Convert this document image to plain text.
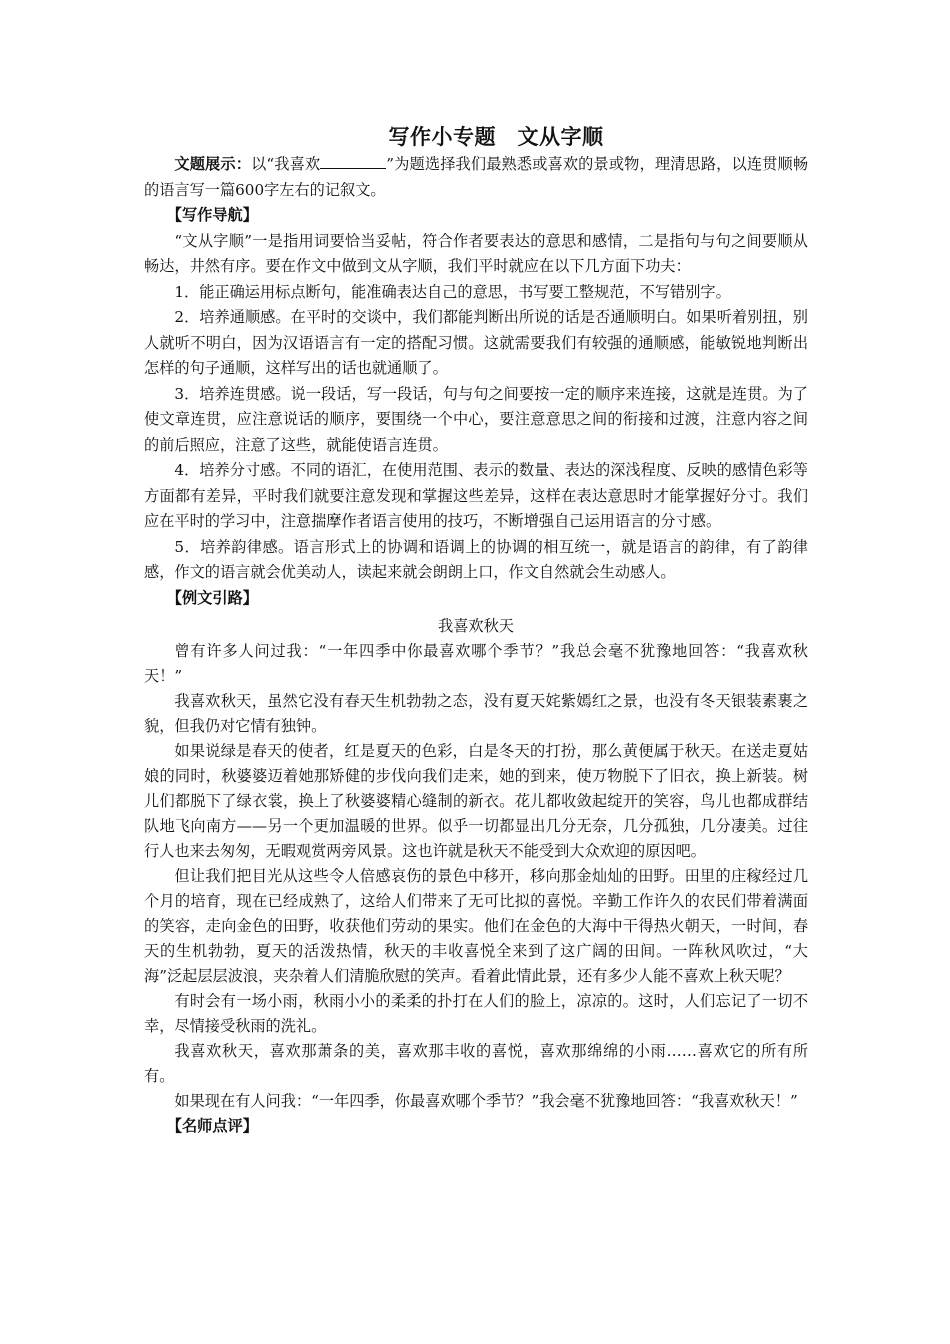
写作小专题　文从字顺

文题展示：以“我喜欢	”为题选择我们最熟悉或喜欢的景或物，理清思路，以连贯顺畅的语言写一篇600字左右的记叙文。

【写作导航】

“文从字顺”一是指用词要恰当妥帖，符合作者要表达的意思和感情，二是指句与句之间要顺从畅达，井然有序。要在作文中做到文从字顺，我们平时就应在以下几方面下功夫：

1．能正确运用标点断句，能准确表达自己的意思，书写要工整规范，不写错别字。

2．培养通顺感。在平时的交谈中，我们都能判断出所说的话是否通顺明白。如果听着别扭，别人就听不明白，因为汉语语言有一定的搭配习惯。这就需要我们有较强的通顺感，能敏锐地判断出怎样的句子通顺，这样写出的话也就通顺了。

3．培养连贯感。说一段话，写一段话，句与句之间要按一定的顺序来连接，这就是连贯。为了使文章连贯，应注意说话的顺序，要围绕一个中心，要注意意思之间的衔接和过渡，注意内容之间的前后照应，注意了这些，就能使语言连贯。

4．培养分寸感。不同的语汇，在使用范围、表示的数量、表达的深浅程度、反映的感情色彩等方面都有差异，平时我们就要注意发现和掌握这些差异，这样在表达意思时才能掌握好分寸。我们应在平时的学习中，注意揣摩作者语言使用的技巧，不断增强自己运用语言的分寸感。

5．培养韵律感。语言形式上的协调和语调上的协调的相互统一，就是语言的韵律，有了韵律感，作文的语言就会优美动人，读起来就会朗朗上口，作文自然就会生动感人。

【例文引路】
我喜欢秋天

曾有许多人问过我：“一年四季中你最喜欢哪个季节？”我总会毫不犹豫地回答：“我喜欢秋天！”

我喜欢秋天，虽然它没有春天生机勃勃之态，没有夏天姹紫嫣红之景，也没有冬天银装素裹之貌，但我仍对它情有独钟。

如果说绿是春天的使者，红是夏天的色彩，白是冬天的打扮，那么黄便属于秋天。在送走夏姑娘的同时，秋婆婆迈着她那矫健的步伐向我们走来，她的到来，使万物脱下了旧衣，换上新装。树儿们都脱下了绿衣裳，换上了秋婆婆精心缝制的新衣。花儿都收敛起绽开的笑容，鸟儿也都成群结队地飞向南方——另一个更加温暖的世界。似乎一切都显出几分无奈，几分孤独，几分凄美。过往行人也来去匆匆，无暇观赏两旁风景。这也许就是秋天不能受到大众欢迎的原因吧。

但让我们把目光从这些令人倍感哀伤的景色中移开，移向那金灿灿的田野。田里的庄稼经过几个月的培育，现在已经成熟了，这给人们带来了无可比拟的喜悦。辛勤工作许久的农民们带着满面的笑容，走向金色的田野，收获他们劳动的果实。他们在金色的大海中干得热火朝天，一时间，春天的生机勃勃，夏天的活泼热情，秋天的丰收喜悦全来到了这广阔的田间。一阵秋风吹过，“大海”泛起层层波浪，夹杂着人们清脆欣慰的笑声。看着此情此景，还有多少人能不喜欢上秋天呢？

有时会有一场小雨，秋雨小小的柔柔的扑打在人们的脸上，凉凉的。这时，人们忘记了一切不幸，尽情接受秋雨的洗礼。

我喜欢秋天，喜欢那萧条的美，喜欢那丰收的喜悦，喜欢那绵绵的小雨……喜欢它的所有所有。

如果现在有人问我：“一年四季，你最喜欢哪个季节？”我会毫不犹豫地回答：“我喜欢秋天！”

【名师点评】
